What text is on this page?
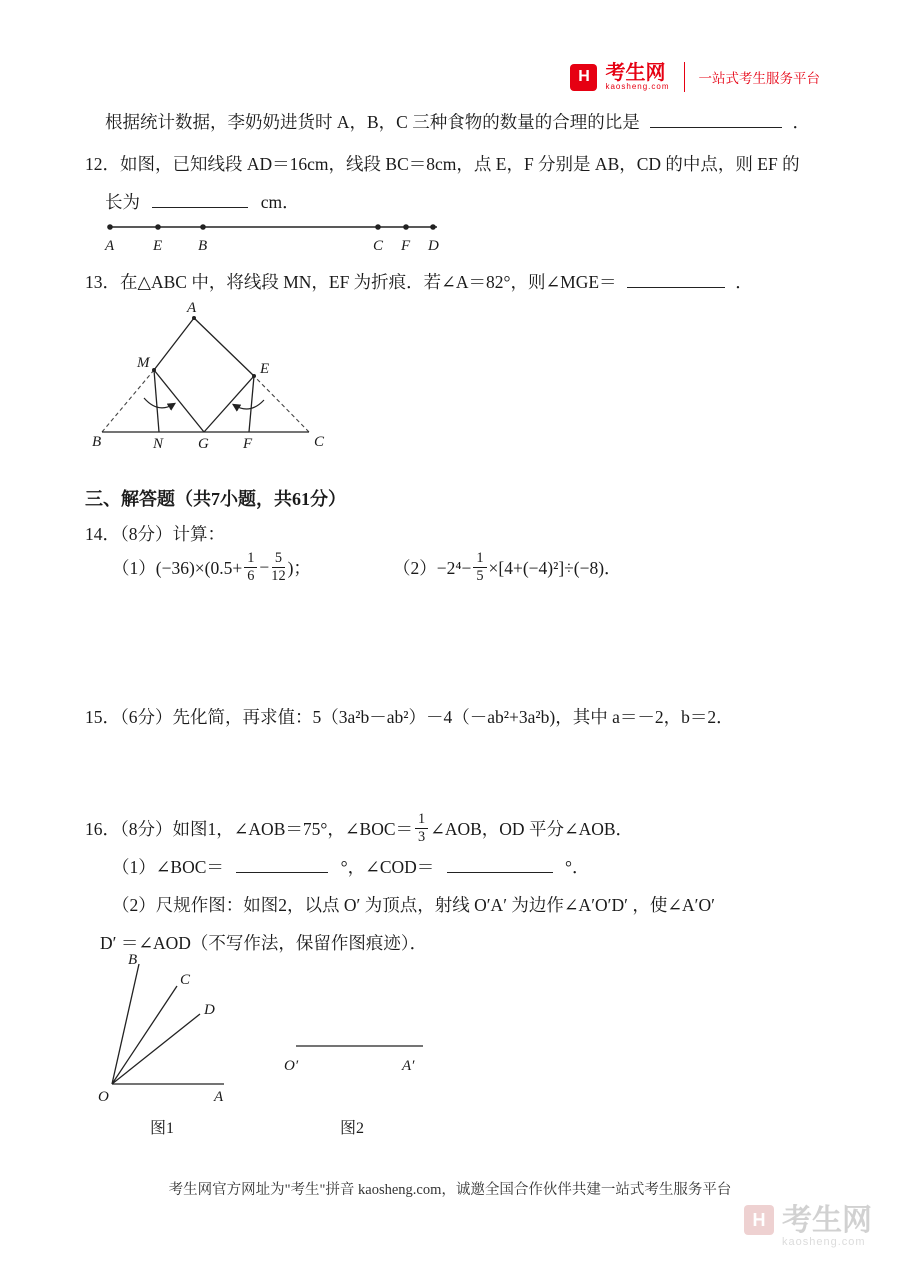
H 考生网
kaosheng.com
一站式考生服务平台
根据统计数据，李奶奶进货时 A，B，C 三种食物的数量的合理的比是	．
12．如图，已知线段 AD＝16cm，线段 BC＝8cm，点 E，F 分别是 AB，CD 的中点，则 EF 的
长为	cm．
A	E B	C F D
13．在△ABC 中，将线段 MN，EF 为折痕．若∠A＝82°，则∠MGE＝	．
A
M	E
B	N G F	C
三、解答题（共7小题，共61分）
14．（8分）计算：
$(1)(-36)\times(0.5+ \frac{1}{6} - \frac{5}{12}$ )；	$(2)-2^4- \frac{1}{5} \times[4+(-4)^2]\div(-8)$．
15．（6分）先化简，再求值：5（3a²b－ab²）－4（－ab²+3a²b)，其中 a＝－2，b＝2．
16．（8分）如图1，∠AOB＝75°，∠BOC＝ $\frac{1}{3}$ ∠AOB，OD 平分∠AOB．
（1）∠BOC＝	°，∠COD＝	°．
（2）尺规作图：如图2，以点 O′ 为顶点，射线 O′A′ 为边作∠A′O′D′ ，使∠A′O′
D′ ＝∠AOD（不写作法，保留作图痕迹）．
B
C
D
O	A
O′	A′
图1	图2
考生网官方网址为"考生"拼音 kaosheng.com，诚邀全国合作伙伴共建一站式考生服务平台
H 考生网
kaosheng.com
